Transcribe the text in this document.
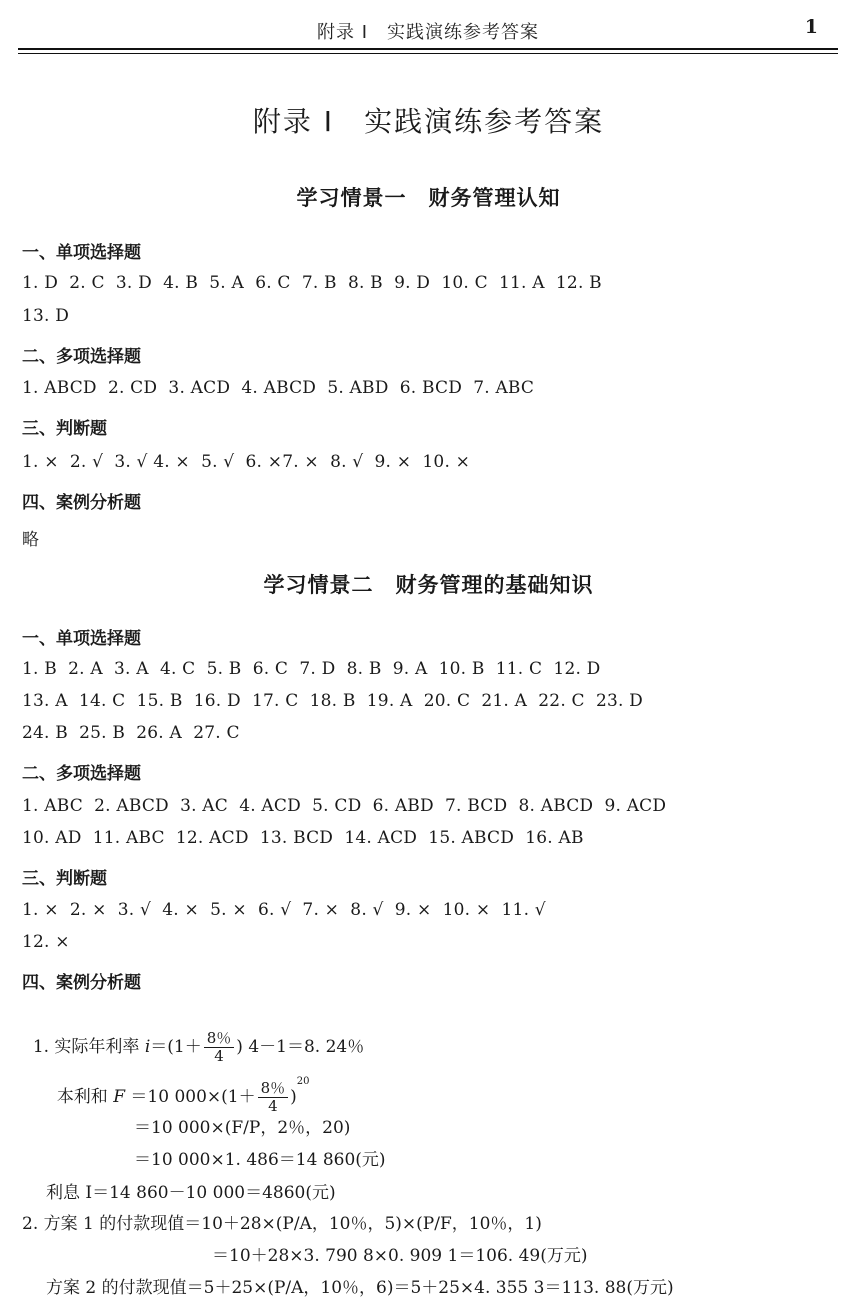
附录 I　实践演练参考答案	1
附录 I　实践演练参考答案
学习情景一　财务管理认知
一、单项选择题
1. D  2. C  3. D  4. B  5. A  6. C  7. B  8. B  9. D  10. C  11. A  12. B
13. D
二、多项选择题
1. ABCD  2. CD  3. ACD  4. ABCD  5. ABD  6. BCD  7. ABC
三、判断题
1. ×  2. √  3. √ 4. ×  5. √  6. ×7. ×  8. √  9. ×  10. ×
四、案例分析题
略
学习情景二　财务管理的基础知识
一、单项选择题
1. B  2. A  3. A  4. C  5. B  6. C  7. D  8. B  9. A  10. B  11. C  12. D
13. A  14. C  15. B  16. D  17. C  18. B  19. A  20. C  21. A  22. C  23. D
24. B  25. B  26. A  27. C
二、多项选择题
1. ABC  2. ABCD  3. AC  4. ACD  5. CD  6. ABD  7. BCD  8. ABCD  9. ACD
10. AD  11. ABC  12. ACD  13. BCD  14. ACD  15. ABCD  16. AB
三、判断题
1. ×  2. ×  3. √  4. ×  5. ×  6. √  7. ×  8. √  9. ×  10. ×  11. √
12. ×
四、案例分析题

1. 实际年利率 $i=(1+ \frac{8\%}{4}$ ) 4－1＝8. 24％

本利和 F ＝10 $000\times(1+ \frac{8\%}{4} )^{20}$

＝10 000×(F/P，2％，20)
＝10 000×1. 486＝14 860(元)
利息 I＝14 860－10 000＝4860(元)
2. 方案 1 的付款现值＝10＋28×(P/A，10％，5)×(P/F，10％，1)
＝10＋28×3. 790 8×0. 909 1＝106. 49(万元)
方案 2 的付款现值＝5＋25×(P/A，10％，6)＝5＋25×4. 355 3＝113. 88(万元)
